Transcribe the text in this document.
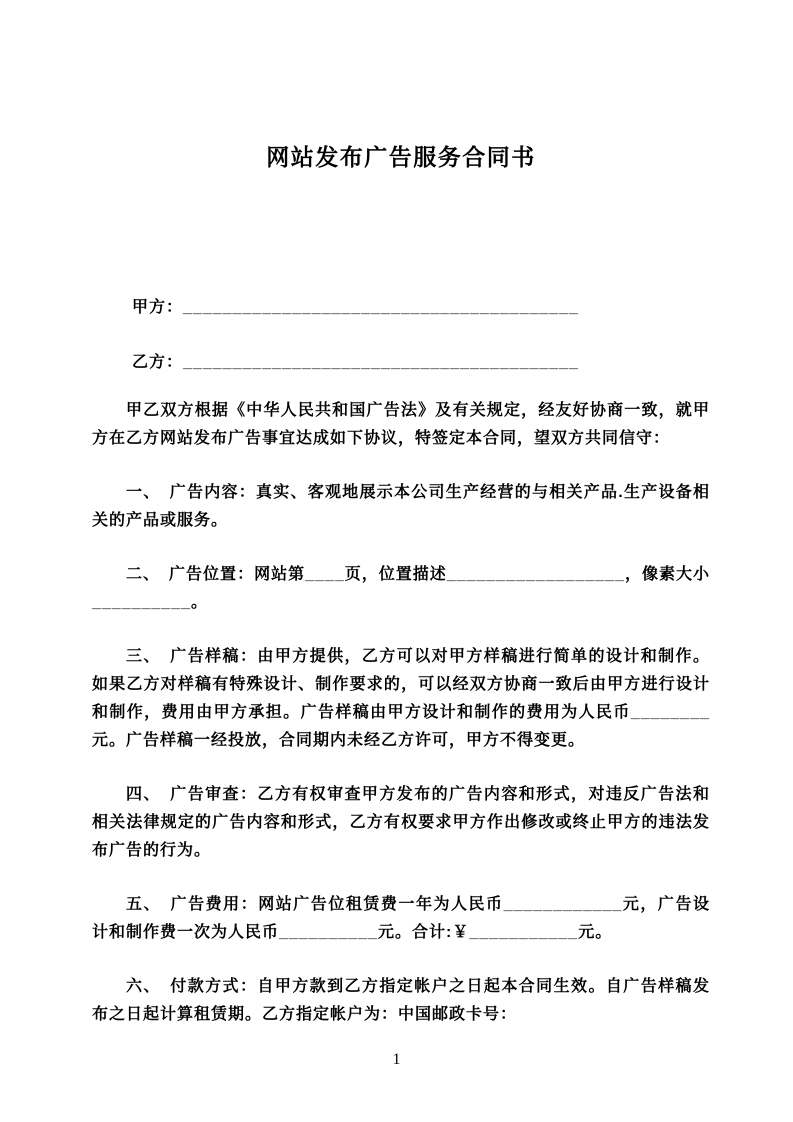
网站发布广告服务合同书
甲方：________________________________________
乙方：________________________________________

甲乙双方根据《中华人民共和国广告法》及有关规定，经友好协商一致，就甲方在乙方网站发布广告事宜达成如下协议，特签定本合同，望双方共同信守：

一、　广告内容：真实、客观地展示本公司生产经营的与相关产品.生产设备相关的产品或服务。

二、　广告位置：网站第____页，位置描述__________________，像素大小__________。

三、　广告样稿：由甲方提供，乙方可以对甲方样稿进行简单的设计和制作。如果乙方对样稿有特殊设计、制作要求的，可以经双方协商一致后由甲方进行设计和制作，费用由甲方承担。广告样稿由甲方设计和制作的费用为人民币________元。广告样稿一经投放，合同期内未经乙方许可，甲方不得变更。

四、　广告审查：乙方有权审查甲方发布的广告内容和形式，对违反广告法和相关法律规定的广告内容和形式，乙方有权要求甲方作出修改或终止甲方的违法发布广告的行为。

五、　广告费用：网站广告位租赁费一年为人民币____________元，广告设计和制作费一次为人民币__________元。合计:￥___________元。

六、　付款方式：自甲方款到乙方指定帐户之日起本合同生效。自广告样稿发布之日起计算租赁期。乙方指定帐户为：中国邮政卡号：

1
